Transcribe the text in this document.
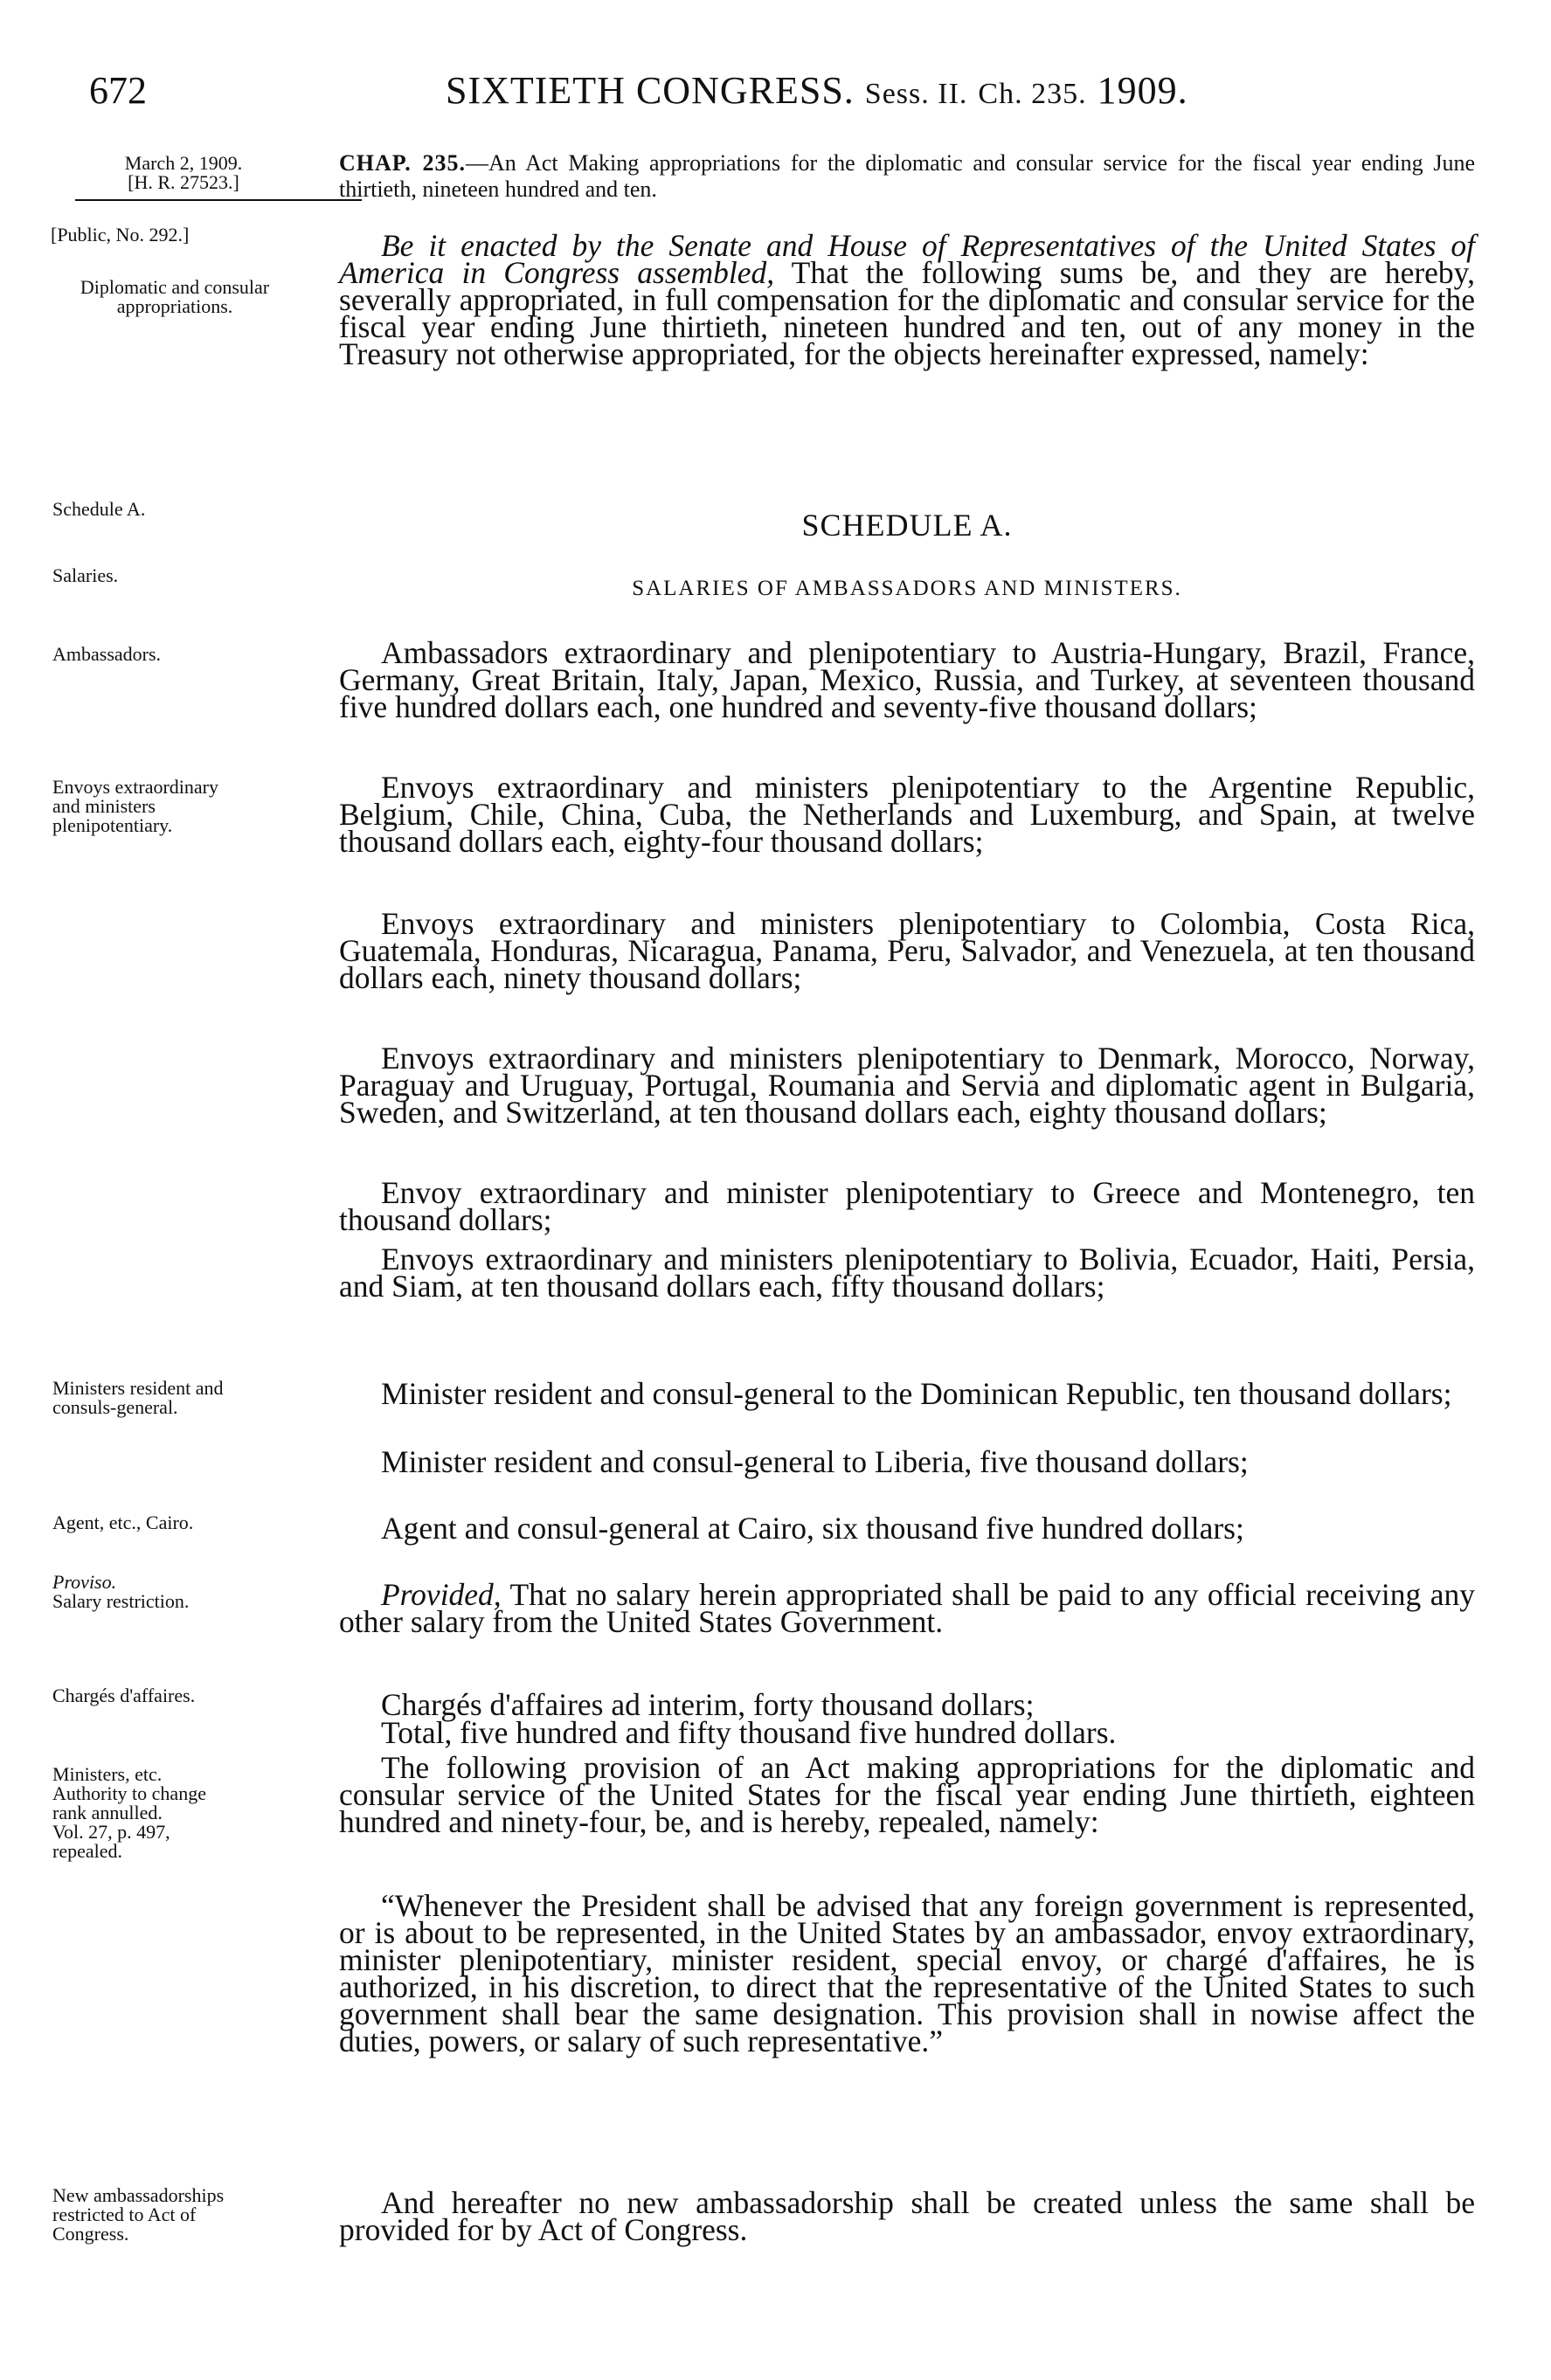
672	SIXTIETH CONGRESS. Sess. II. Ch. 235. 1909.
March 2, 1909.
[H. R. 27523.]
[Public, No. 292.]
Diplomatic and consular appropriations.
Schedule A.
Salaries.
Ambassadors.
Envoys extraordinary and ministers plenipotentiary.
Ministers resident and consuls-general.
Agent, etc., Cairo.
Proviso.
Salary restriction.
Chargés d'affaires.
Ministers, etc.
Authority to change rank annulled.
Vol. 27, p. 497, repealed.
New ambassadorships restricted to Act of Congress.

CHAP. 235.—An Act Making appropriations for the diplomatic and consular service for the fiscal year ending June thirtieth, nineteen hundred and ten.

Be it enacted by the Senate and House of Representatives of the United States of America in Congress assembled, That the following sums be, and they are hereby, severally appropriated, in full compensation for the diplomatic and consular service for the fiscal year ending June thirtieth, nineteen hundred and ten, out of any money in the Treasury not otherwise appropriated, for the objects hereinafter expressed, namely:

SCHEDULE A.
SALARIES OF AMBASSADORS AND MINISTERS.

Ambassadors extraordinary and plenipotentiary to Austria-Hungary, Brazil, France, Germany, Great Britain, Italy, Japan, Mexico, Russia, and Turkey, at seventeen thousand five hundred dollars each, one hundred and seventy-five thousand dollars;

Envoys extraordinary and ministers plenipotentiary to the Argentine Republic, Belgium, Chile, China, Cuba, the Netherlands and Luxemburg, and Spain, at twelve thousand dollars each, eighty-four thousand dollars;

Envoys extraordinary and ministers plenipotentiary to Colombia, Costa Rica, Guatemala, Honduras, Nicaragua, Panama, Peru, Salvador, and Venezuela, at ten thousand dollars each, ninety thousand dollars;

Envoys extraordinary and ministers plenipotentiary to Denmark, Morocco, Norway, Paraguay and Uruguay, Portugal, Roumania and Servia and diplomatic agent in Bulgaria, Sweden, and Switzerland, at ten thousand dollars each, eighty thousand dollars;

Envoy extraordinary and minister plenipotentiary to Greece and Montenegro, ten thousand dollars;

Envoys extraordinary and ministers plenipotentiary to Bolivia, Ecuador, Haiti, Persia, and Siam, at ten thousand dollars each, fifty thousand dollars;

Minister resident and consul-general to the Dominican Republic, ten thousand dollars;

Minister resident and consul-general to Liberia, five thousand dollars;

Agent and consul-general at Cairo, six thousand five hundred dollars;

Provided, That no salary herein appropriated shall be paid to any official receiving any other salary from the United States Government.

Chargés d'affaires ad interim, forty thousand dollars;

Total, five hundred and fifty thousand five hundred dollars.

The following provision of an Act making appropriations for the diplomatic and consular service of the United States for the fiscal year ending June thirtieth, eighteen hundred and ninety-four, be, and is hereby, repealed, namely:

“Whenever the President shall be advised that any foreign government is represented, or is about to be represented, in the United States by an ambassador, envoy extraordinary, minister plenipotentiary, minister resident, special envoy, or chargé d'affaires, he is authorized, in his discretion, to direct that the representative of the United States to such government shall bear the same designation. This provision shall in nowise affect the duties, powers, or salary of such representative.”

And hereafter no new ambassadorship shall be created unless the same shall be provided for by Act of Congress.
